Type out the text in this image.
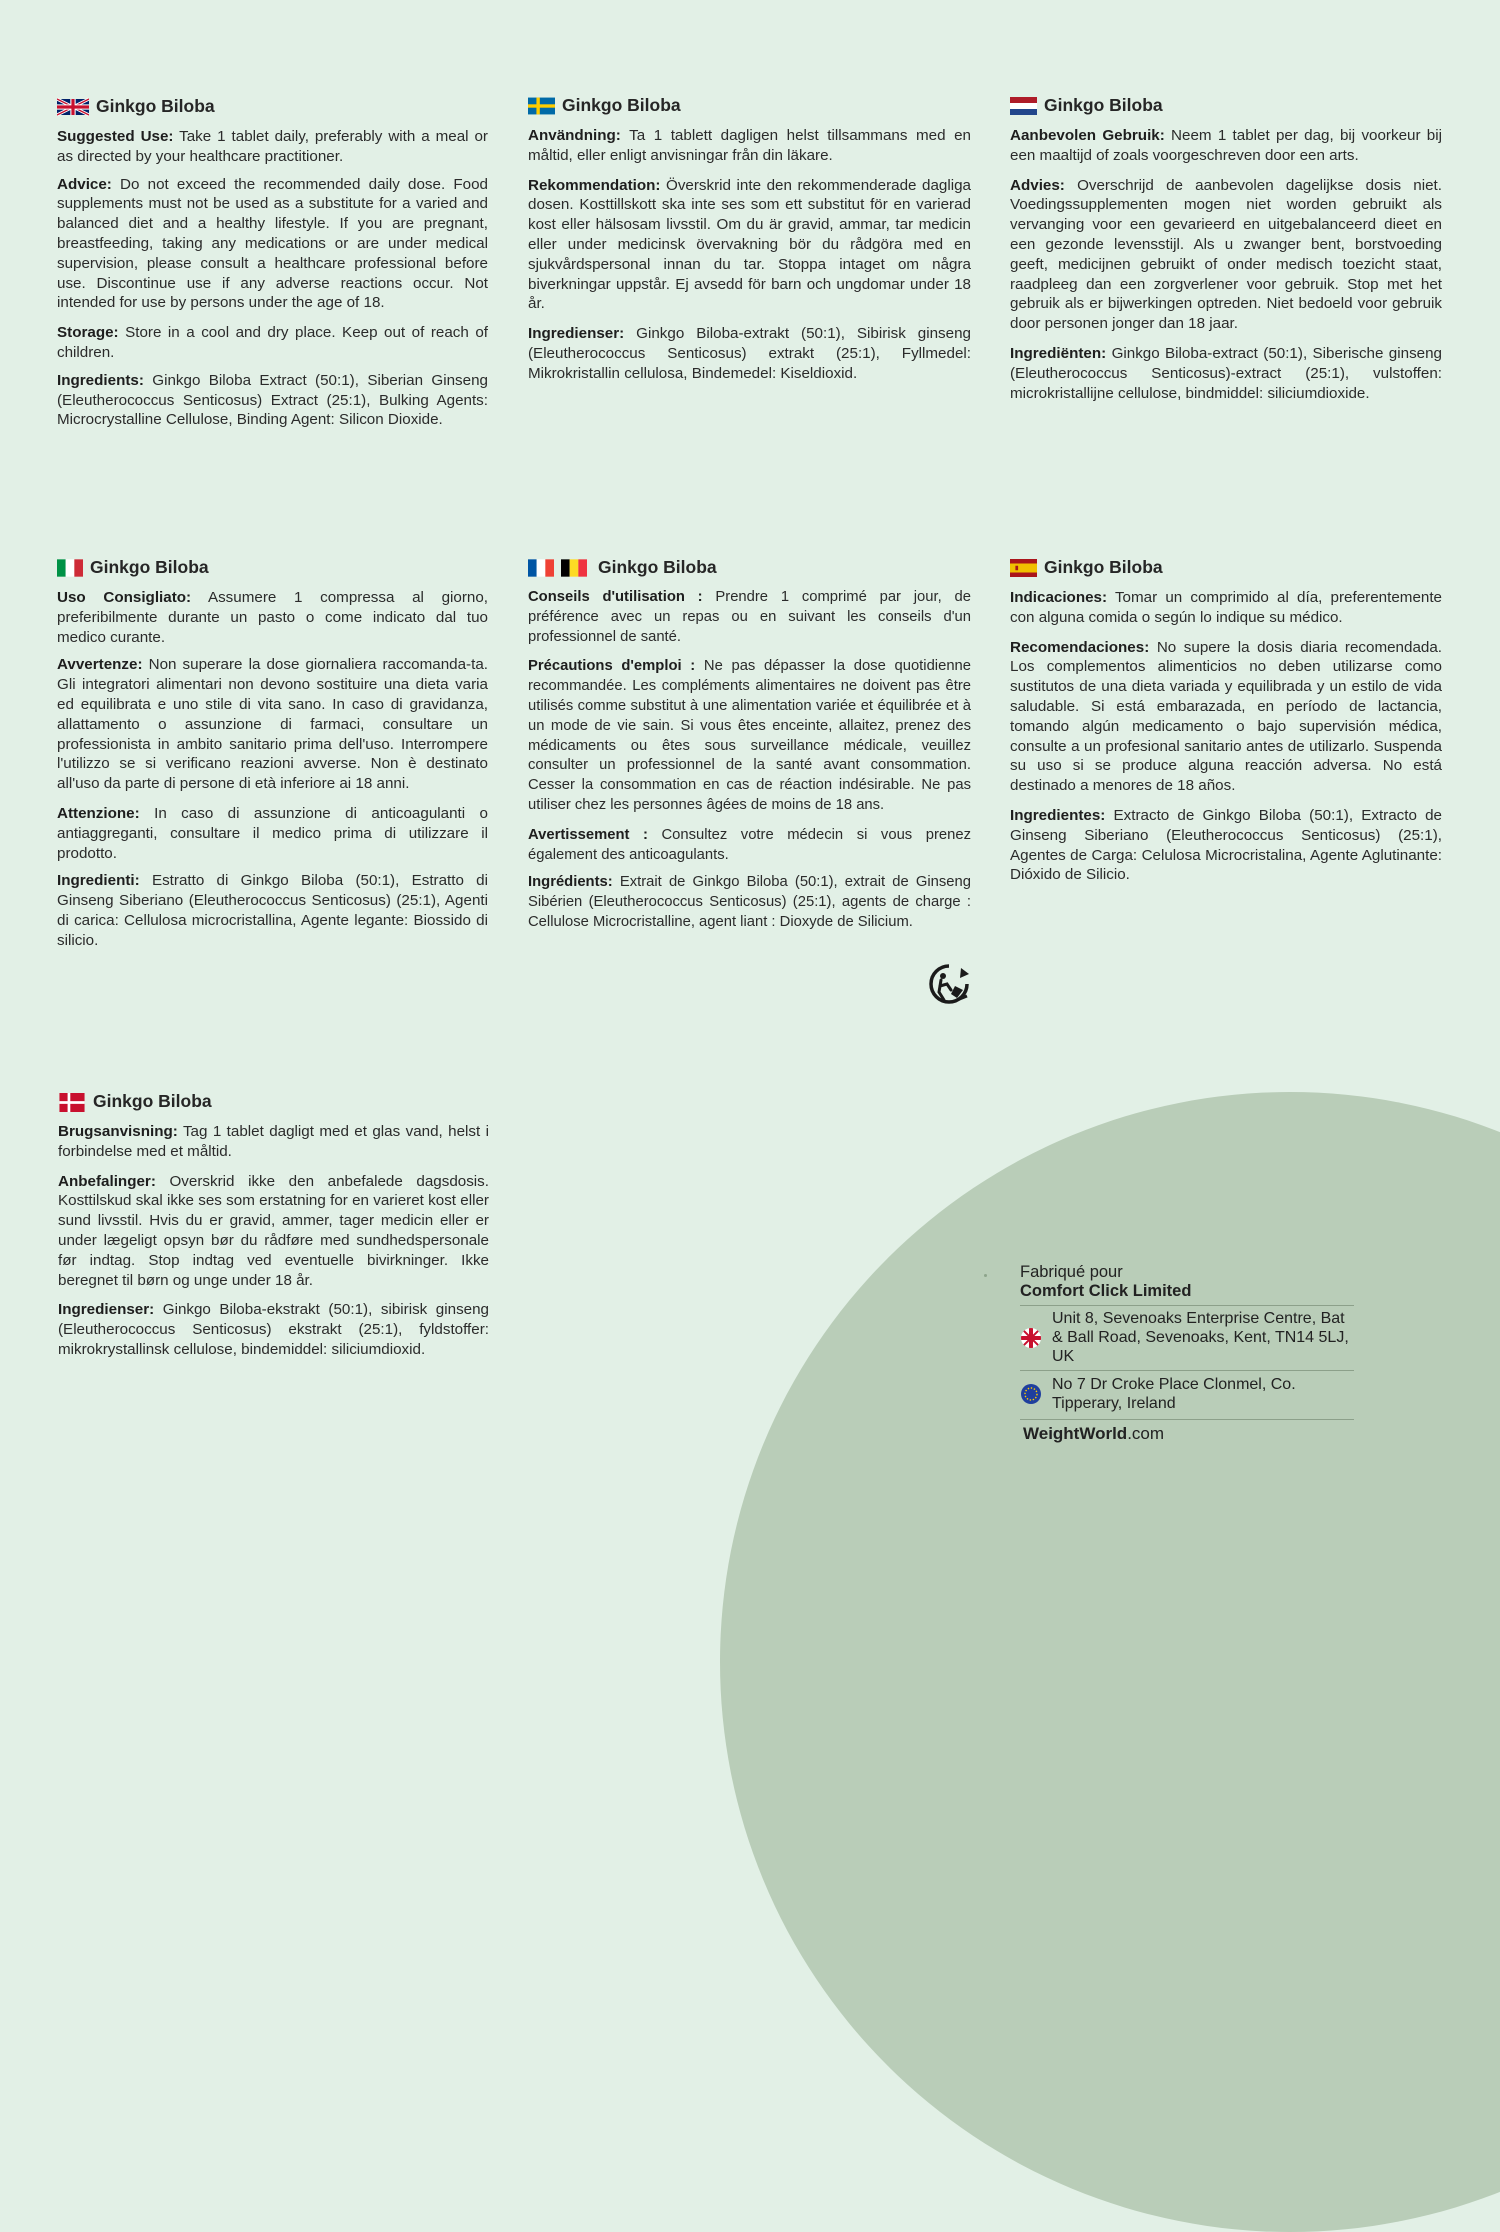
Ginkgo Biloba

Suggested Use: Take 1 tablet daily, preferably with a meal or as directed by your healthcare practitioner.

Advice: Do not exceed the recommended daily dose. Food supplements must not be used as a substitute for a varied and balanced diet and a healthy lifestyle. If you are pregnant, breastfeeding, taking any medications or are under medical supervision, please consult a healthcare professional before use. Discontinue use if any adverse reactions occur. Not intended for use by persons under the age of 18.

Storage: Store in a cool and dry place. Keep out of reach of children.

Ingredients: Ginkgo Biloba Extract (50:1), Siberian Ginseng (Eleutherococcus Senticosus) Extract (25:1), Bulking Agents: Microcrystalline Cellulose, Binding Agent: Silicon Dioxide.

Ginkgo Biloba

Användning: Ta 1 tablett dagligen helst tillsammans med en måltid, eller enligt anvisningar från din läkare.

Rekommendation: Överskrid inte den rekommenderade dagliga dosen. Kosttillskott ska inte ses som ett substitut för en varierad kost eller hälsosam livsstil. Om du är gravid, ammar, tar medicin eller under medicinsk övervakning bör du rådgöra med en sjukvårdspersonal innan du tar. Stoppa intaget om några biverkningar uppstår. Ej avsedd för barn och ungdomar under 18 år.

Ingredienser: Ginkgo Biloba-extrakt (50:1), Sibirisk ginseng (Eleutherococcus Senticosus) extrakt (25:1), Fyllmedel: Mikrokristallin cellulosa, Bindemedel: Kiseldioxid.

Ginkgo Biloba

Aanbevolen Gebruik: Neem 1 tablet per dag, bij voorkeur bij een maaltijd of zoals voorgeschreven door een arts.

Advies: Overschrijd de aanbevolen dagelijkse dosis niet. Voedingssupplementen mogen niet worden gebruikt als vervanging voor een gevarieerd en uitgebalanceerd dieet en een gezonde levensstijl. Als u zwanger bent, borstvoeding geeft, medicijnen gebruikt of onder medisch toezicht staat, raadpleeg dan een zorgverlener voor gebruik. Stop met het gebruik als er bijwerkingen optreden. Niet bedoeld voor gebruik door personen jonger dan 18 jaar.

Ingrediënten: Ginkgo Biloba-extract (50:1), Siberische ginseng (Eleutherococcus Senticosus)-extract (25:1), vulstoffen: microkristallijne cellulose, bindmiddel: siliciumdioxide.

Ginkgo Biloba

Uso Consigliato: Assumere 1 compressa al giorno, preferibilmente durante un pasto o come indicato dal tuo medico curante.

Avvertenze: Non superare la dose giornaliera raccomanda-ta. Gli integratori alimentari non devono sostituire una dieta varia ed equilibrata e uno stile di vita sano. In caso di gravidanza, allattamento o assunzione di farmaci, consultare un professionista in ambito sanitario prima dell'uso. Interrompere l'utilizzo se si verificano reazioni avverse. Non è destinato all'uso da parte di persone di età inferiore ai 18 anni.

Attenzione: In caso di assunzione di anticoagulanti o antiaggreganti, consultare il medico prima di utilizzare il prodotto.

Ingredienti: Estratto di Ginkgo Biloba (50:1), Estratto di Ginseng Siberiano (Eleutherococcus Senticosus) (25:1), Agenti di carica: Cellulosa microcristallina, Agente legante: Biossido di silicio.

Ginkgo Biloba

Conseils d'utilisation : Prendre 1 comprimé par jour, de préférence avec un repas ou en suivant les conseils d'un professionnel de santé.

Précautions d'emploi : Ne pas dépasser la dose quotidienne recommandée. Les compléments alimentaires ne doivent pas être utilisés comme substitut à une alimentation variée et équilibrée et à un mode de vie sain. Si vous êtes enceinte, allaitez, prenez des médicaments ou êtes sous surveillance médicale, veuillez consulter un professionnel de la santé avant consommation. Cesser la consommation en cas de réaction indésirable. Ne pas utiliser chez les personnes âgées de moins de 18 ans.

Avertissement : Consultez votre médecin si vous prenez également des anticoagulants.

Ingrédients: Extrait de Ginkgo Biloba (50:1), extrait de Ginseng Sibérien (Eleutherococcus Senticosus) (25:1), agents de charge : Cellulose Microcristalline, agent liant : Dioxyde de Silicium.

Ginkgo Biloba

Indicaciones: Tomar un comprimido al día, preferentemente con alguna comida o según lo indique su médico.

Recomendaciones: No supere la dosis diaria recomendada. Los complementos alimenticios no deben utilizarse como sustitutos de una dieta variada y equilibrada y un estilo de vida saludable. Si está embarazada, en período de lactancia, tomando algún medicamento o bajo supervisión médica, consulte a un profesional sanitario antes de utilizarlo. Suspenda su uso si se produce alguna reacción adversa. No está destinado a menores de 18 años.

Ingredientes: Extracto de Ginkgo Biloba (50:1), Extracto de Ginseng Siberiano (Eleutherococcus Senticosus) (25:1), Agentes de Carga: Celulosa Microcristalina, Agente Aglutinante: Dióxido de Silicio.

Ginkgo Biloba

Brugsanvisning: Tag 1 tablet dagligt med et glas vand, helst i forbindelse med et måltid.

Anbefalinger: Overskrid ikke den anbefalede dagsdosis. Kosttilskud skal ikke ses som erstatning for en varieret kost eller sund livsstil. Hvis du er gravid, ammer, tager medicin eller er under lægeligt opsyn bør du rådføre med sundhedspersonale før indtag. Stop indtag ved eventuelle bivirkninger. Ikke beregnet til børn og unge under 18 år.

Ingredienser: Ginkgo Biloba-ekstrakt (50:1), sibirisk ginseng (Eleutherococcus Senticosus) ekstrakt (25:1), fyldstoffer: mikrokrystallinsk cellulose, bindemiddel: siliciumdioxid.

Fabriqué pour
Comfort Click Limited
Unit 8, Sevenoaks Enterprise Centre, Bat & Ball Road, Sevenoaks, Kent, TN14 5LJ, UK
No 7 Dr Croke Place Clonmel, Co. Tipperary, Ireland
WeightWorld.com
